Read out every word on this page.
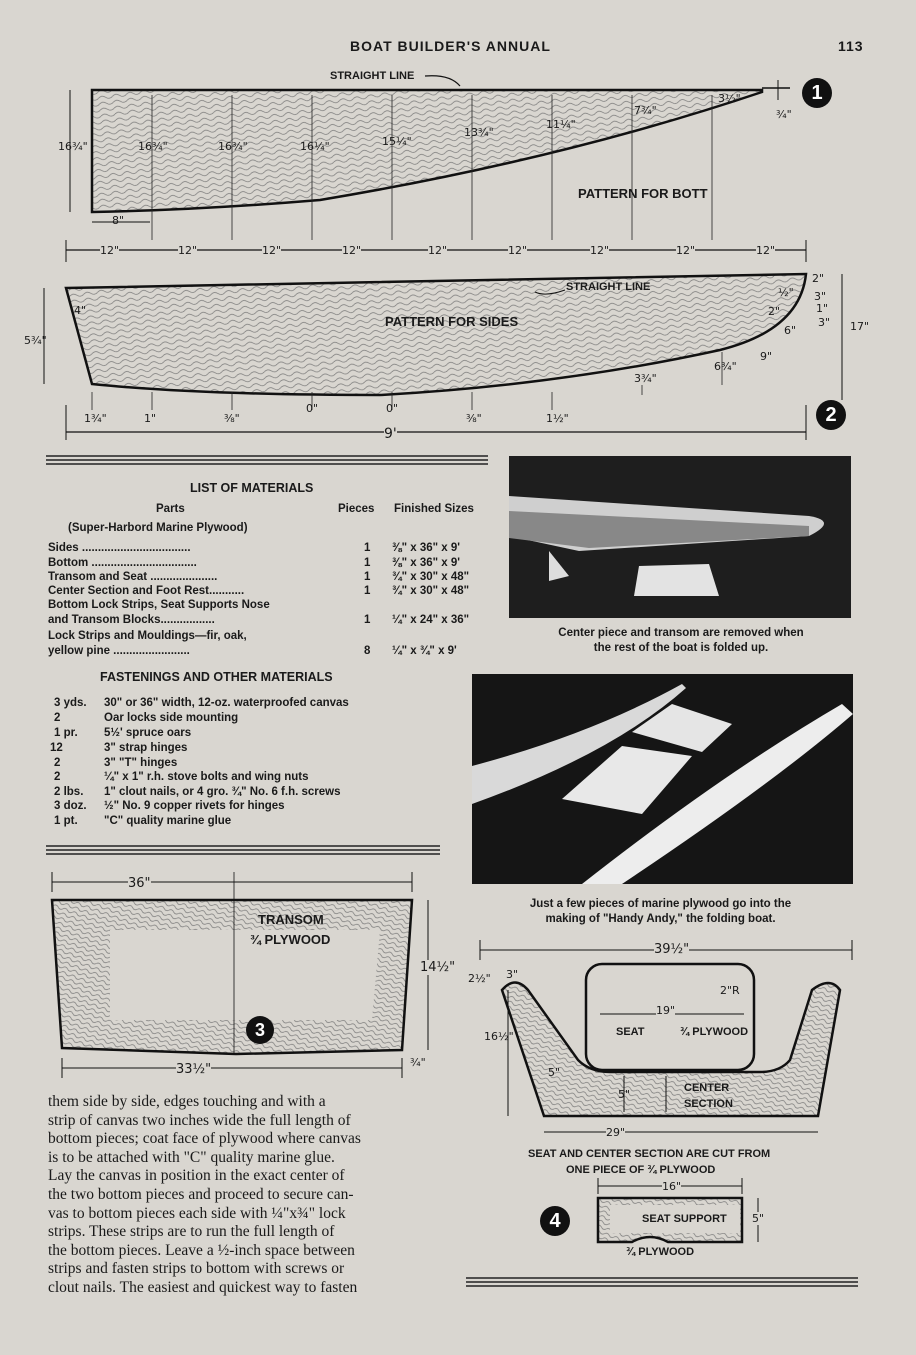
BOAT BUILDER'S ANNUAL	113
STRAIGHT LINE
PATTERN FOR BOTT
1
16¾"	16¾"	16¾"	16¼"	15¼"
13¾"
11¼"
7¾"
3½"
¾"
8"
12"	12"	12"	12"	12"	12"	12"	12"	12"
STRAIGHT LINE
PATTERN FOR SIDES
2
4"
5¾"
1¾"	1"	⅜"
0"	0"
⅜"	1½"
3¾"
6¾"
9"
6"
2"
2"
½" 3"
1"
3" 17"
9'
LIST OF MATERIALS
Parts	Pieces Finished Sizes
(Super-Harbord Marine Plywood)
Sides ..................................	1 ⅜" x 36" x 9'
Bottom .................................	1 ⅜" x 36" x 9'
Transom and Seat .....................	1 ¾" x 30" x 48"
Center Section and Foot Rest...........	1 ¾" x 30" x 48"
Bottom Lock Strips, Seat Supports Nose
and Transom Blocks.................	1 ¼" x 24" x 36"
Lock Strips and Mouldings—fir, oak,
yellow pine ........................	8 ¼" x ¾" x 9'
FASTENINGS AND OTHER MATERIALS
3 yds. 30" or 36" width, 12-oz. waterproofed canvas
2	Oar locks side mounting
1 pr. 5½' spruce oars
12	3" strap hinges
2	3" "T" hinges
2	¼" x 1" r.h. stove bolts and wing nuts
2 lbs. 1" clout nails, or 4 gro. ¾" No. 6 f.h. screws
3 doz. ½" No. 9 copper rivets for hinges
1 pt. "C" quality marine glue
Center piece and transom are removed when
the rest of the boat is folded up.
Just a few pieces of marine plywood go into the
making of "Handy Andy," the folding boat.
36"
TRANSOM
¾ PLYWOOD
14½"
33½"	¾"
3
39½"
2½" 3"
2"R
19"
16½"	SEAT	¾ PLYWOOD
5"
5"	CENTER
SECTION
29"
SEAT AND CENTER SECTION ARE CUT FROM
ONE PIECE OF ¾ PLYWOOD
16"
SEAT SUPPORT 5"
¾ PLYWOOD
4
them side by side, edges touching and with a
strip of canvas two inches wide the full length of
bottom pieces; coat face of plywood where canvas
is to be attached with "C" quality marine glue.
Lay the canvas in position in the exact center of
the two bottom pieces and proceed to secure can-
vas to bottom pieces each side with ¼"x¾" lock
strips. These strips are to run the full length of
the bottom pieces. Leave a ½-inch space between
strips and fasten strips to bottom with screws or
clout nails. The easiest and quickest way to fasten
